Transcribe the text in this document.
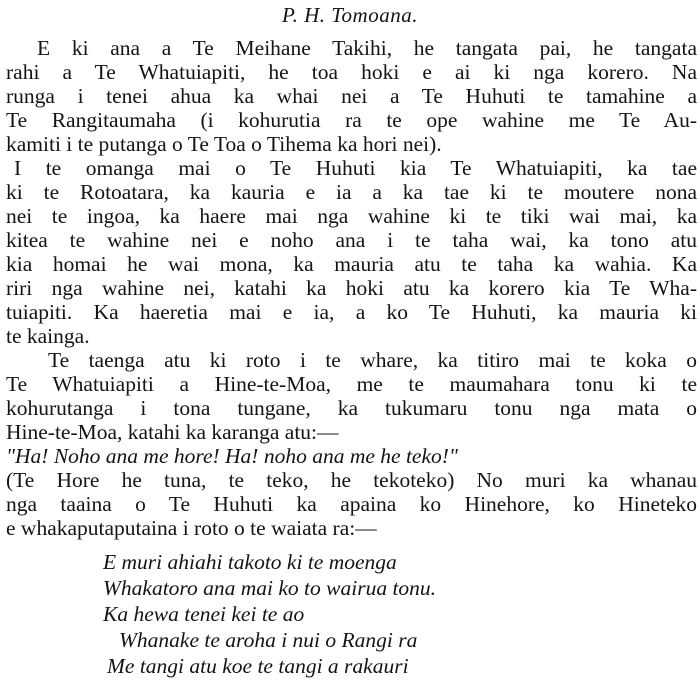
P. H. Tomoana.
E ki ana a Te Meihane Takihi, he tangata pai, he tangata
rahi a Te Whatuiapiti, he toa hoki e ai ki nga korero. Na
runga i tenei ahua ka whai nei a Te Huhuti te tamahine a
Te Rangitaumaha (i kohurutia ra te ope wahine me Te Au-
kamiti i te putanga o Te Toa o Tihema ka hori nei).
I te omanga mai o Te Huhuti kia Te Whatuiapiti, ka tae
ki te Rotoatara, ka kauria e ia a ka tae ki te moutere nona
nei te ingoa, ka haere mai nga wahine ki te tiki wai mai, ka
kitea te wahine nei e noho ana i te taha wai, ka tono atu
kia homai he wai mona, ka mauria atu te taha ka wahia. Ka
riri nga wahine nei, katahi ka hoki atu ka korero kia Te Wha-
tuiapiti. Ka haeretia mai e ia, a ko Te Huhuti, ka mauria ki
te kainga.
Te taenga atu ki roto i te whare, ka titiro mai te koka o
Te Whatuiapiti a Hine-te-Moa, me te maumahara tonu ki te
kohurutanga i tona tungane, ka tukumaru tonu nga mata o
Hine-te-Moa, katahi ka karanga atu:—
"Ha! Noho ana me hore! Ha! noho ana me he teko!"
(Te Hore he tuna, te teko, he tekoteko) No muri ka whanau
nga taaina o Te Huhuti ka apaina ko Hinehore, ko Hineteko
e whakaputaputaina i roto o te waiata ra:—
E muri ahiahi takoto ki te moenga
Whakatoro ana mai ko to wairua tonu.
Ka hewa tenei kei te ao
Whanake te aroha i nui o Rangi ra
Me tangi atu koe te tangi a rakauri
